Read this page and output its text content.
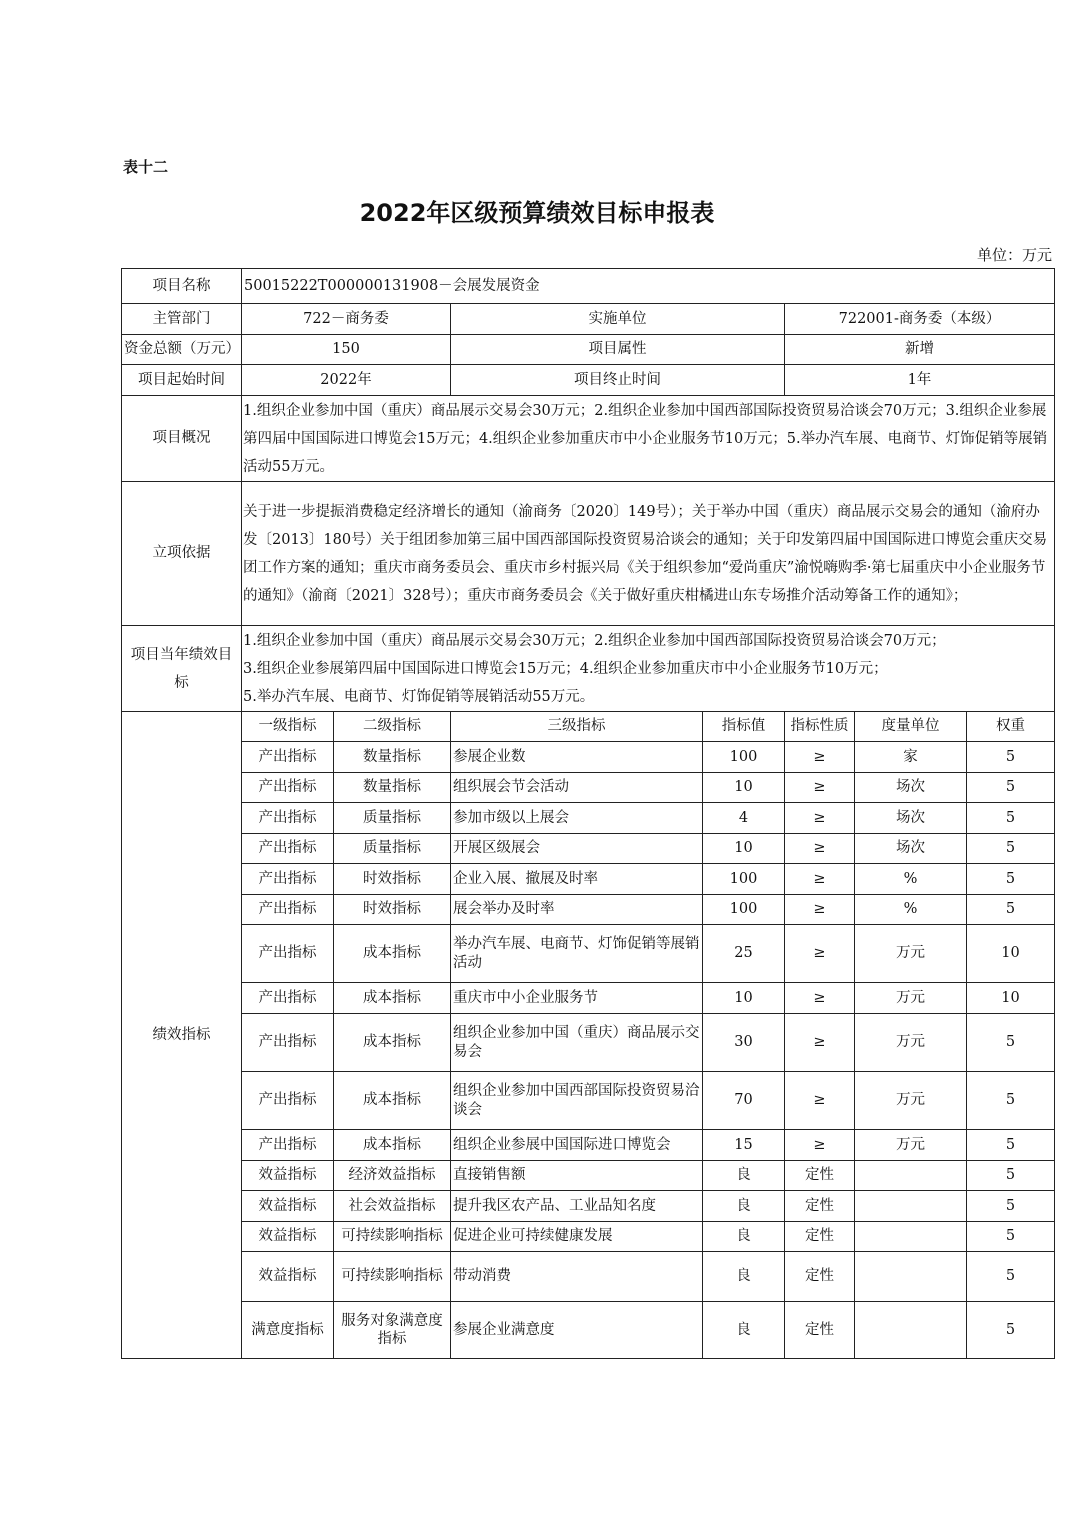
表十二
2022年区级预算绩效目标申报表
单位：万元
项目名称	50015222T000000131908－会展发展资金						
主管部门	722－商务委		实施单位		722001-商务委（本级）		
资金总额（万元）	150		项目属性		新增		
项目起始时间	2022年		项目终止时间		1年		
项目概况	1.组织企业参加中国（重庆）商品展示交易会30万元；2.组织企业参加中国西部国际投资贸易洽谈会70万元；3.组织企业参展第四届中国国际进口博览会15万元；4.组织企业参加重庆市中小企业服务节10万元；5.举办汽车展、电商节、灯饰促销等展销活动55万元。						
立项依据	关于进一步提振消费稳定经济增长的通知（渝商务〔2020〕149号）；关于举办中国（重庆）商品展示交易会的通知（渝府办发〔2013〕180号）关于组团参加第三届中国西部国际投资贸易洽谈会的通知；关于印发第四届中国国际进口博览会重庆交易团工作方案的通知；重庆市商务委员会、重庆市乡村振兴局《关于组织参加“爱尚重庆”渝悦嗨购季·第七届重庆中小企业服务节的通知》（渝商〔2021〕328号）；重庆市商务委员会《关于做好重庆柑橘进山东专场推介活动筹备工作的通知》；						
项目当年绩效目标	1.组织企业参加中国（重庆）商品展示交易会30万元；2.组织企业参加中国西部国际投资贸易洽谈会70万元；
3.组织企业参展第四届中国国际进口博览会15万元；4.组织企业参加重庆市中小企业服务节10万元；
5.举办汽车展、电商节、灯饰促销等展销活动55万元。						

绩效指标	一级指标	二级指标	三级指标	指标值	指标性质	度量单位	权重
	产出指标	数量指标	参展企业数	100	≥	家	5
	产出指标	数量指标	组织展会节会活动	10	≥	场次	5
	产出指标	质量指标	参加市级以上展会	4	≥	场次	5
	产出指标	质量指标	开展区级展会	10	≥	场次	5
	产出指标	时效指标	企业入展、撤展及时率	100	≥	%	5
	产出指标	时效指标	展会举办及时率	100	≥	%	5
	产出指标	成本指标	举办汽车展、电商节、灯饰促销等展销活动	25	≥	万元	10
	产出指标	成本指标	重庆市中小企业服务节	10	≥	万元	10
	产出指标	成本指标	组织企业参加中国（重庆）商品展示交易会	30	≥	万元	5
	产出指标	成本指标	组织企业参加中国西部国际投资贸易洽谈会	70	≥	万元	5
	产出指标	成本指标	组织企业参展中国国际进口博览会	15	≥	万元	5
	效益指标	经济效益指标	直接销售额	良	定性		5
	效益指标	社会效益指标	提升我区农产品、工业品知名度	良	定性		5
	效益指标	可持续影响指标	促进企业可持续健康发展	良	定性		5
	效益指标	可持续影响指标	带动消费	良	定性		5
	满意度指标	服务对象满意度指标	参展企业满意度	良	定性		5
